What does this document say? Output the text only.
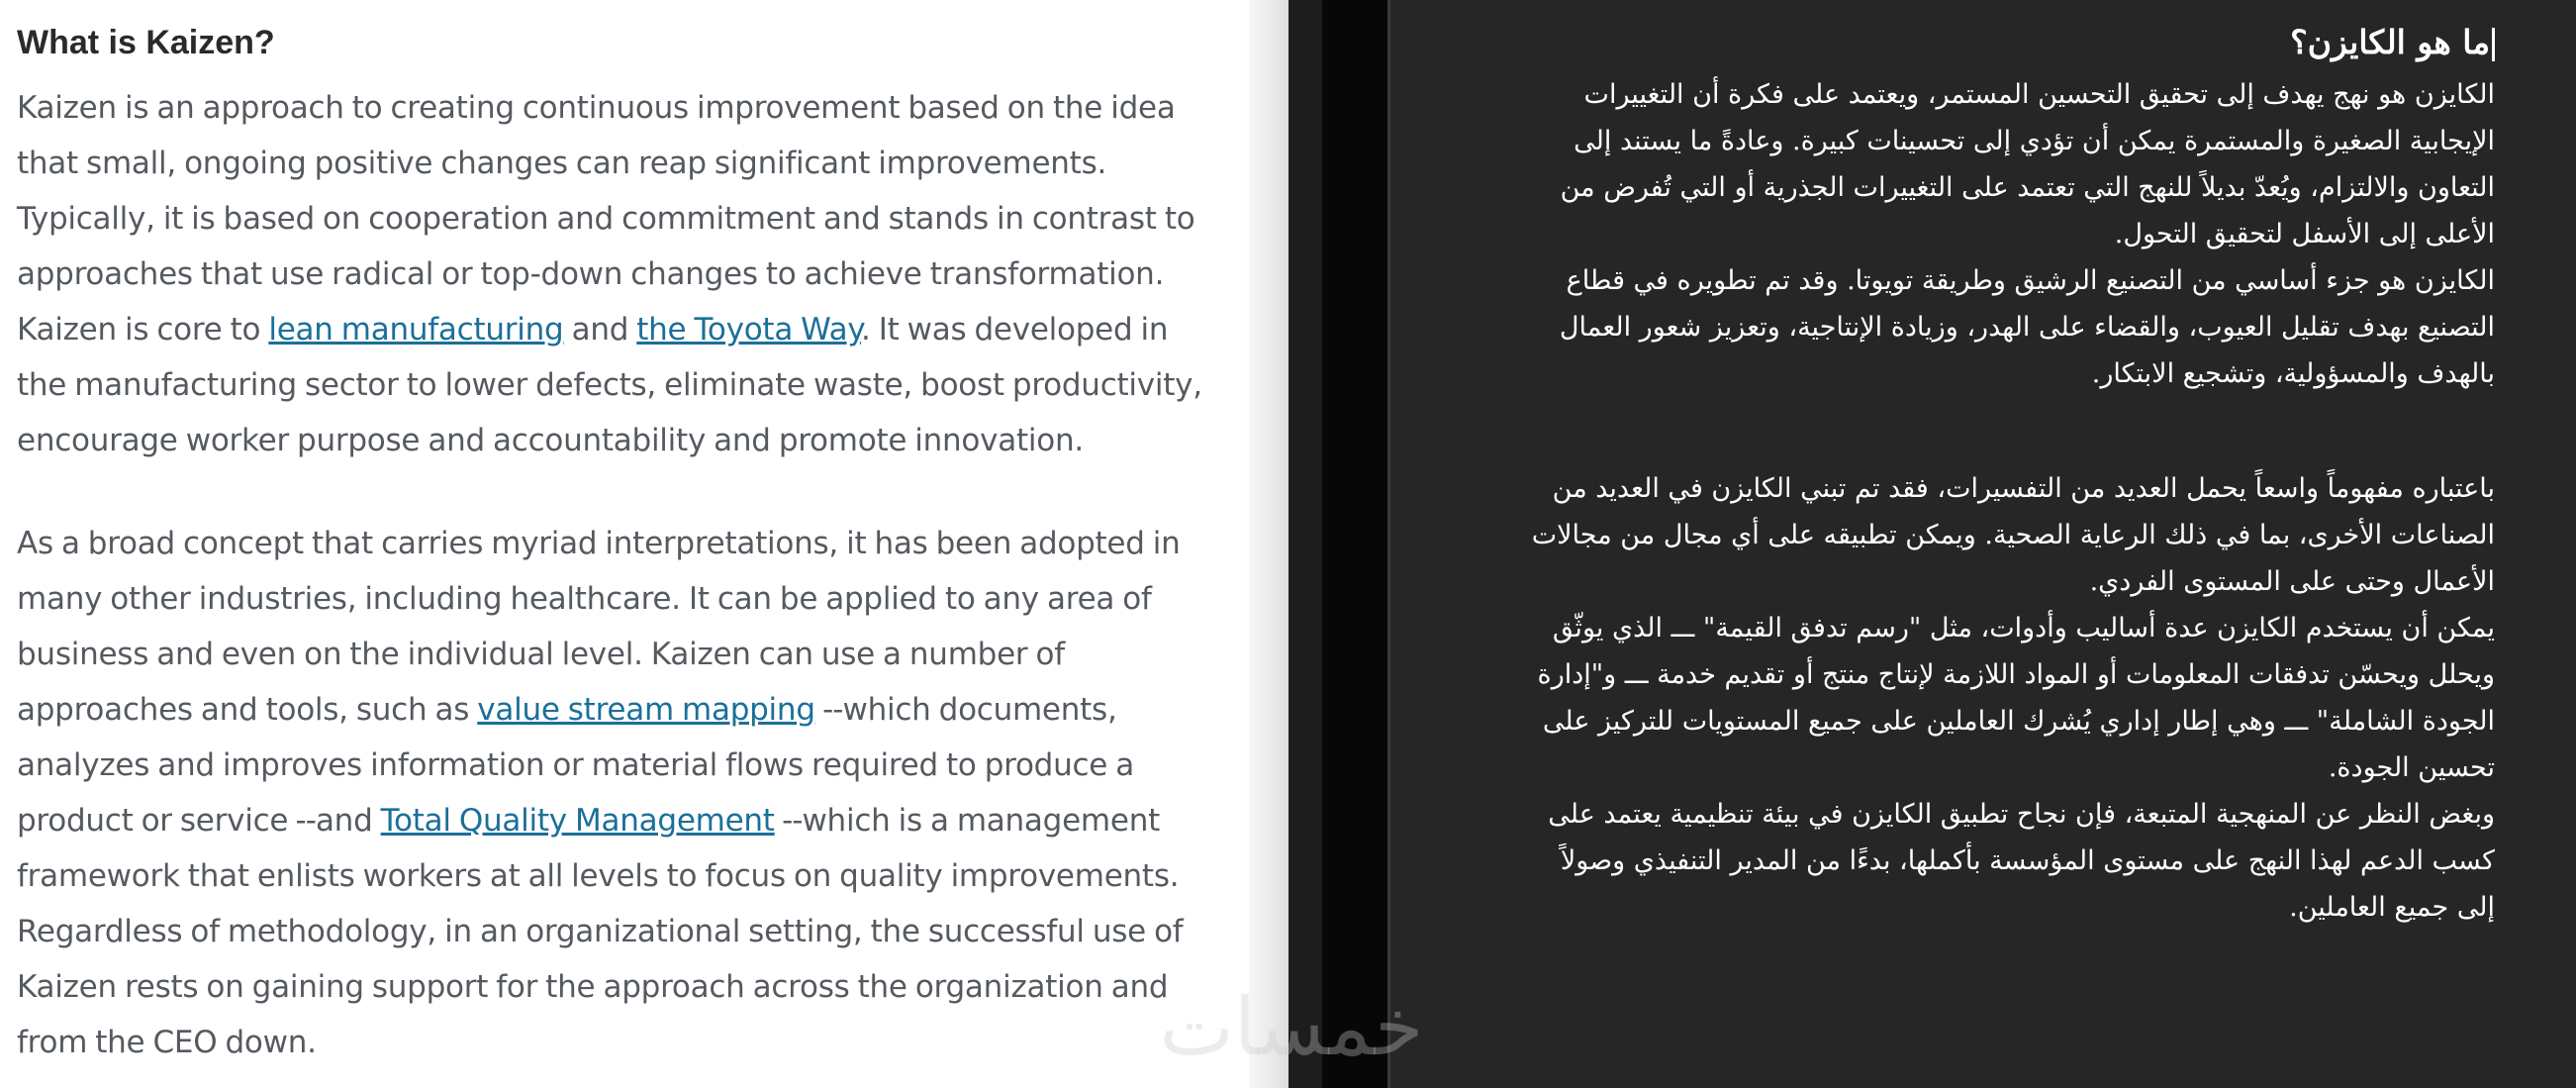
What is Kaizen?

Kaizen is an approach to creating continuous improvement based on the idea that small, ongoing positive changes can reap significant improvements. Typically, it is based on cooperation and commitment and stands in contrast to approaches that use radical or top-down changes to achieve transformation. Kaizen is core to lean manufacturing and the Toyota Way. It was developed in the manufacturing sector to lower defects, eliminate waste, boost productivity, encourage worker purpose and accountability and promote innovation.

As a broad concept that carries myriad interpretations, it has been adopted in many other industries, including healthcare. It can be applied to any area of business and even on the individual level. Kaizen can use a number of approaches and tools, such as value stream mapping --which documents, analyzes and improves information or material flows required to produce a product or service --and Total Quality Management --which is a management framework that enlists workers at all levels to focus on quality improvements. Regardless of methodology, in an organizational setting, the successful use of Kaizen rests on gaining support for the approach across the organization and from the CEO down.

ما هو الكايزن؟

الكايزن هو نهج يهدف إلى تحقيق التحسين المستمر، ويعتمد على فكرة أن التغييرات الإيجابية الصغيرة والمستمرة يمكن أن تؤدي إلى تحسينات كبيرة. وعادةً ما يستند إلى التعاون والالتزام، ويُعدّ بديلاً للنهج التي تعتمد على التغييرات الجذرية أو التي تُفرض من الأعلى إلى الأسفل لتحقيق التحول.

الكايزن هو جزء أساسي من التصنيع الرشيق وطريقة تويوتا. وقد تم تطويره في قطاع التصنيع بهدف تقليل العيوب، والقضاء على الهدر، وزيادة الإنتاجية، وتعزيز شعور العمال بالهدف والمسؤولية، وتشجيع الابتكار.

باعتباره مفهوماً واسعاً يحمل العديد من التفسيرات، فقد تم تبني الكايزن في العديد من الصناعات الأخرى، بما في ذلك الرعاية الصحية. ويمكن تطبيقه على أي مجال من مجالات الأعمال وحتى على المستوى الفردي.

يمكن أن يستخدم الكايزن عدة أساليب وأدوات، مثل "رسم تدفق القيمة" ـــ الذي يوثّق ويحلل ويحسّن تدفقات المعلومات أو المواد اللازمة لإنتاج منتج أو تقديم خدمة ـــ و"إدارة الجودة الشاملة" ـــ وهي إطار إداري يُشرك العاملين على جميع المستويات للتركيز على تحسين الجودة.

وبغض النظر عن المنهجية المتبعة، فإن نجاح تطبيق الكايزن في بيئة تنظيمية يعتمد على كسب الدعم لهذا النهج على مستوى المؤسسة بأكملها، بدءًا من المدير التنفيذي وصولاً إلى جميع العاملين.

خمسات
